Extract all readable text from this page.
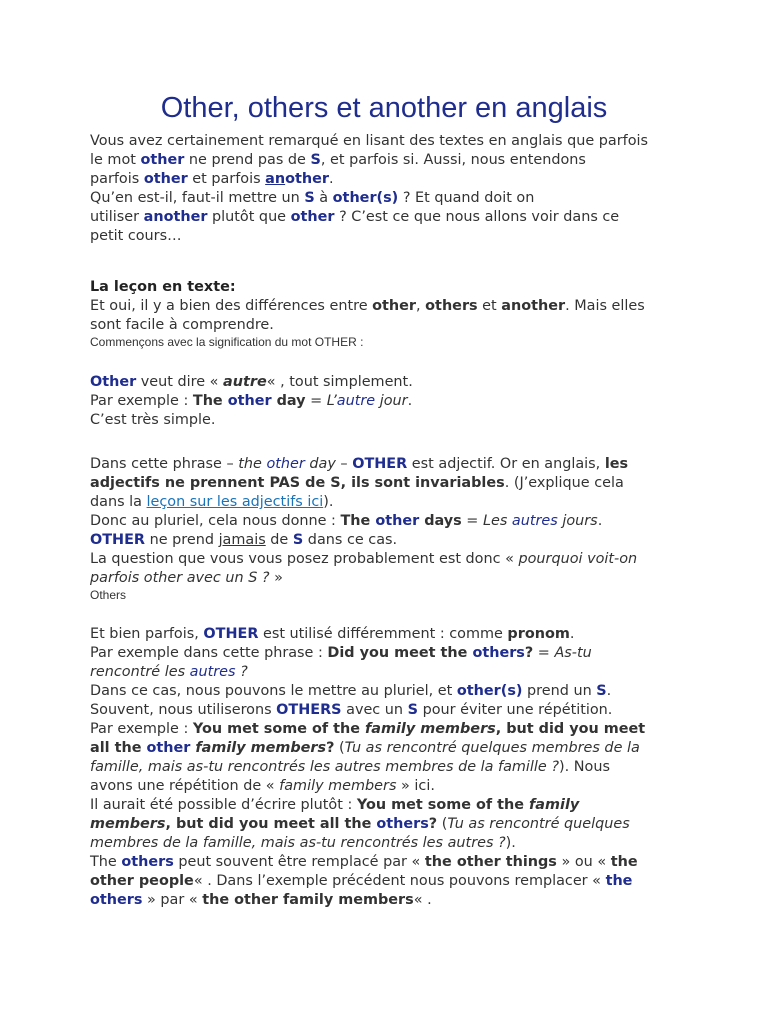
Other, others et another en anglais

Vous avez certainement remarqué en lisant des textes en anglais que parfois

le mot other ne prend pas de S, et parfois si. Aussi, nous entendons

parfois other et parfois another.

Qu’en est-il, faut-il mettre un S à other(s) ? Et quand doit on

utiliser another plutôt que other ? C’est ce que nous allons voir dans ce

petit cours…

La leçon en texte:

Et oui, il y a bien des différences entre other, others et another. Mais elles

sont facile à comprendre.

Commençons avec la signification du mot OTHER :

Other veut dire « autre« , tout simplement.

Par exemple : The other day = L’autre jour.

C’est très simple.

Dans cette phrase – the other day – OTHER est adjectif. Or en anglais, les

adjectifs ne prennent PAS de S, ils sont invariables. (J’explique cela

dans la leçon sur les adjectifs ici).

Donc au pluriel, cela nous donne : The other days = Les autres jours.

OTHER ne prend jamais de S dans ce cas.

La question que vous vous posez probablement est donc « pourquoi voit-on

parfois other avec un S ? »

Others

Et bien parfois, OTHER est utilisé différemment : comme pronom.

Par exemple dans cette phrase : Did you meet the others? = As-tu

rencontré les autres ?

Dans ce cas, nous pouvons le mettre au pluriel, et other(s) prend un S.

Souvent, nous utiliserons OTHERS avec un S pour éviter une répétition.

Par exemple : You met some of the family members, but did you meet

all the other family members? (Tu as rencontré quelques membres de la

famille, mais as-tu rencontrés les autres membres de la famille ?). Nous

avons une répétition de « family members » ici.

Il aurait été possible d’écrire plutôt : You met some of the family

members, but did you meet all the others? (Tu as rencontré quelques

membres de la famille, mais as-tu rencontrés les autres ?).

The others peut souvent être remplacé par « the other things » ou « the

other people« . Dans l’exemple précédent nous pouvons remplacer « the

others » par « the other family members« .
